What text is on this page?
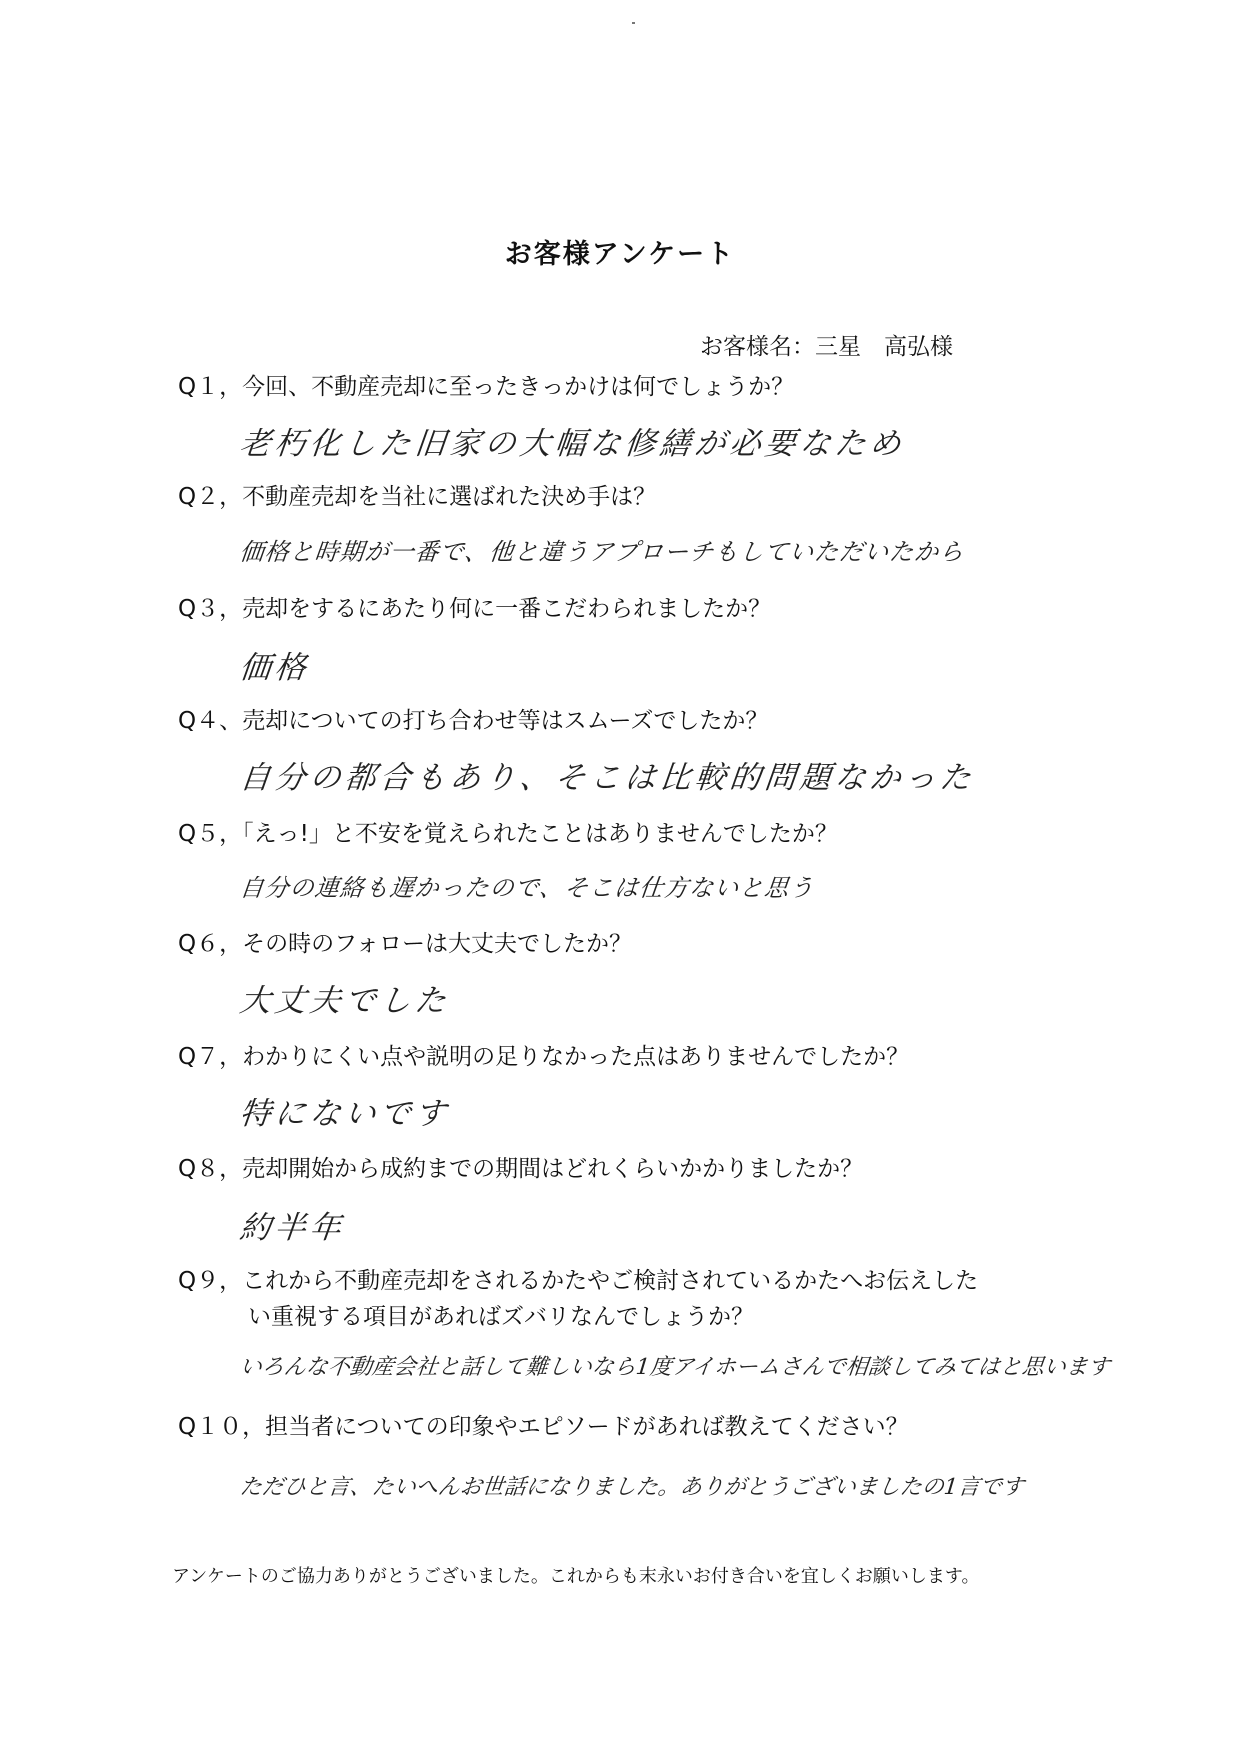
お客様アンケート
お客様名：三星　高弘様
Q１，今回、不動産売却に至ったきっかけは何でしょうか？
老朽化した旧家の大幅な修繕が必要なため
Q２，不動産売却を当社に選ばれた決め手は？
価格と時期が一番で、他と違うアプローチもしていただいたから
Q３，売却をするにあたり何に一番こだわられましたか？
価格
Q４、売却についての打ち合わせ等はスムーズでしたか？
自分の都合もあり、そこは比較的問題なかった
Q５，「えっ!」と不安を覚えられたことはありませんでしたか？
自分の連絡も遅かったので、そこは仕方ないと思う
Q６，その時のフォローは大丈夫でしたか？
大丈夫でした
Q７，わかりにくい点や説明の足りなかった点はありませんでしたか？
特にないです
Q８，売却開始から成約までの期間はどれくらいかかりましたか？
約半年
Q９，これから不動産売却をされるかたやご検討されているかたへお伝えした
い重視する項目があればズバリなんでしょうか？
いろんな不動産会社と話して難しいなら1度アイホームさんで相談してみてはと思います
Q１０，担当者についての印象やエピソードがあれば教えてください？
ただひと言、たいへんお世話になりました。ありがとうございましたの1言です
アンケートのご協力ありがとうございました。これからも末永いお付き合いを宜しくお願いします。
